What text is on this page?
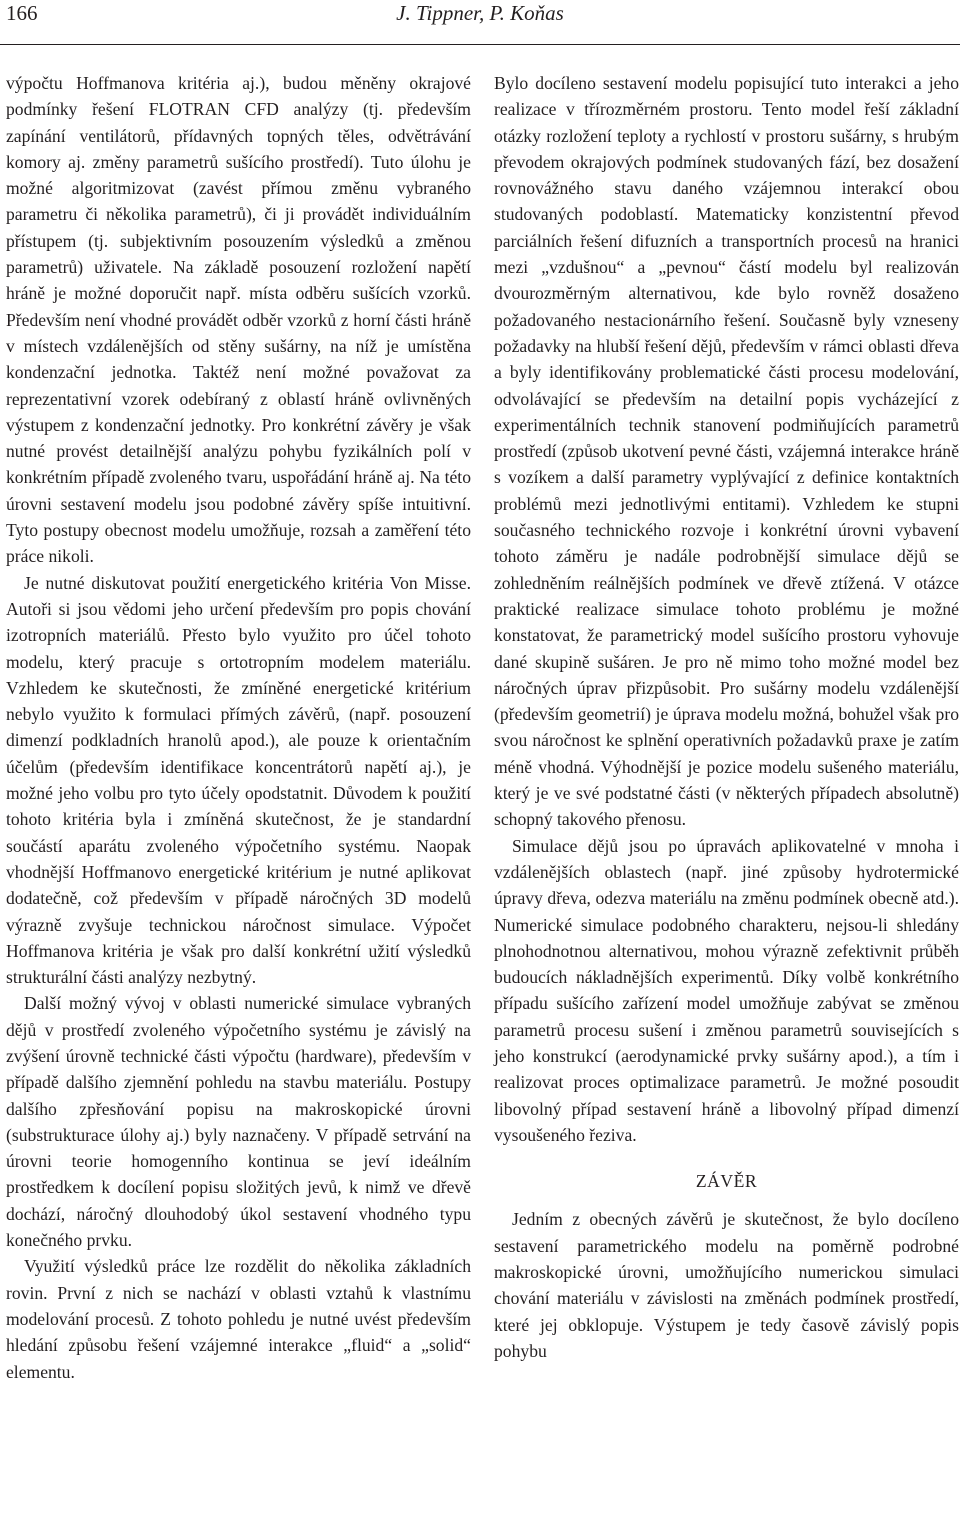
166	J. Tippner, P. Koňas

výpočtu Hoffmanova kritéria aj.), budou měněny okrajové podmínky řešení FLOTRAN CFD analýzy (tj. především zapínání ventilátorů, přídavných topných těles, odvětrávání komory aj. změny parametrů sušícího prostředí). Tuto úlohu je možné algoritmizovat (zavést přímou změnu vybraného parametru či několika parametrů), či ji provádět individuálním přístupem (tj. subjektivním posouzením výsledků a změnou parametrů) uživatele. Na základě posouzení rozložení napětí hráně je možné doporučit např. místa odběru sušících vzorků. Především není vhodné provádět odběr vzorků z horní části hráně v místech vzdálenějších od stěny sušárny, na níž je umístěna kondenzační jednotka. Taktéž není možné považovat za reprezentativní vzorek odebíraný z oblastí hráně ovlivněných výstupem z kondenzační jednotky. Pro konkrétní závěry je však nutné provést detailnější analýzu pohybu fyzikálních polí v konkrétním případě zvoleného tvaru, uspořádání hráně aj. Na této úrovni sestavení modelu jsou podobné závěry spíše intuitivní. Tyto postupy obecnost modelu umožňuje, rozsah a zaměření této práce nikoli.

Je nutné diskutovat použití energetického kritéria Von Misse. Autoři si jsou vědomi jeho určení především pro popis chování izotropních materiálů. Přesto bylo využito pro účel tohoto modelu, který pracuje s ortotropním modelem materiálu. Vzhledem ke skutečnosti, že zmíněné energetické kritérium nebylo využito k formulaci přímých závěrů, (např. posouzení dimenzí podkladních hranolů apod.), ale pouze k orientačním účelům (především identifikace koncentrátorů napětí aj.), je možné jeho volbu pro tyto účely opodstatnit. Důvodem k použití tohoto kritéria byla i zmíněná skutečnost, že je standardní součástí aparátu zvoleného výpočetního systému. Naopak vhodnější Hoffmanovo energetické kritérium je nutné aplikovat dodatečně, což především v případě náročných 3D modelů výrazně zvyšuje technickou náročnost simulace. Výpočet Hoffmanova kritéria je však pro další konkrétní užití výsledků strukturální části analýzy nezbytný.

Další možný vývoj v oblasti numerické simulace vybraných dějů v prostředí zvoleného výpočetního systému je závislý na zvýšení úrovně technické části výpočtu (hardware), především v případě dalšího zjemnění pohledu na stavbu materiálu. Postupy dalšího zpřesňování popisu na makroskopické úrovni (substrukturace úlohy aj.) byly naznačeny. V případě setrvání na úrovni teorie homogenního kontinua se jeví ideálním prostředkem k docílení popisu složitých jevů, k nimž ve dřevě dochází, náročný dlouhodobý úkol sestavení vhodného typu konečného prvku.

Využití výsledků práce lze rozdělit do několika základních rovin. První z nich se nachází v oblasti vztahů k vlastnímu modelování procesů. Z tohoto pohledu je nutné uvést především hledání způsobu řešení vzájemné interakce „fluid“ a „solid“ elementu.

Bylo docíleno sestavení modelu popisující tuto interakci a jeho realizace v třírozměrném prostoru. Tento model řeší základní otázky rozložení teploty a rychlostí v prostoru sušárny, s hrubým převodem okrajových podmínek studovaných fází, bez dosažení rovnovážného stavu daného vzájemnou interakcí obou studovaných podoblastí. Matematicky konzistentní převod parciálních řešení difuzních a transportních procesů na hranici mezi „vzdušnou“ a „pevnou“ částí modelu byl realizován dvourozměrným alternativou, kde bylo rovněž dosaženo požadovaného nestacionárního řešení. Současně byly vzneseny požadavky na hlubší řešení dějů, především v rámci oblasti dřeva a byly identifikovány problematické části procesu modelování, odvolávající se především na detailní popis vycházející z experimentálních technik stanovení podmiňujících parametrů prostředí (způsob ukotvení pevné části, vzájemná interakce hráně s vozíkem a další parametry vyplývající z definice kontaktních problémů mezi jednotlivými entitami). Vzhledem ke stupni současného technického rozvoje i konkrétní úrovni vybavení tohoto záměru je nadále podrobnější simulace dějů se zohledněním reálnějších podmínek ve dřevě ztížená. V otázce praktické realizace simulace tohoto problému je možné konstatovat, že parametrický model sušícího prostoru vyhovuje dané skupině sušáren. Je pro ně mimo toho možné model bez náročných úprav přizpůsobit. Pro sušárny modelu vzdálenější (především geometrií) je úprava modelu možná, bohužel však pro svou náročnost ke splnění operativních požadavků praxe je zatím méně vhodná. Výhodnější je pozice modelu sušeného materiálu, který je ve své podstatné části (v některých případech absolutně) schopný takového přenosu.

Simulace dějů jsou po úpravách aplikovatelné v mnoha i vzdálenějších oblastech (např. jiné způsoby hydrotermické úpravy dřeva, odezva materiálu na změnu podmínek obecně atd.). Numerické simulace podobného charakteru, nejsou-li shledány plnohodnotnou alternativou, mohou výrazně zefektivnit průběh budoucích nákladnějších experimentů. Díky volbě konkrétního případu sušícího zařízení model umožňuje zabývat se změnou parametrů procesu sušení i změnou parametrů souvisejících s jeho konstrukcí (aerodynamické prvky sušárny apod.), a tím i realizovat proces optimalizace parametrů. Je možné posoudit libovolný případ sestavení hráně a libovolný případ dimenzí vysoušeného řeziva.

ZÁVĚR

Jedním z obecných závěrů je skutečnost, že bylo docíleno sestavení parametrického modelu na poměrně podrobné makroskopické úrovni, umožňujícího numerickou simulaci chování materiálu v závislosti na změnách podmínek prostředí, které jej obklopuje. Výstupem je tedy časově závislý popis pohybu
